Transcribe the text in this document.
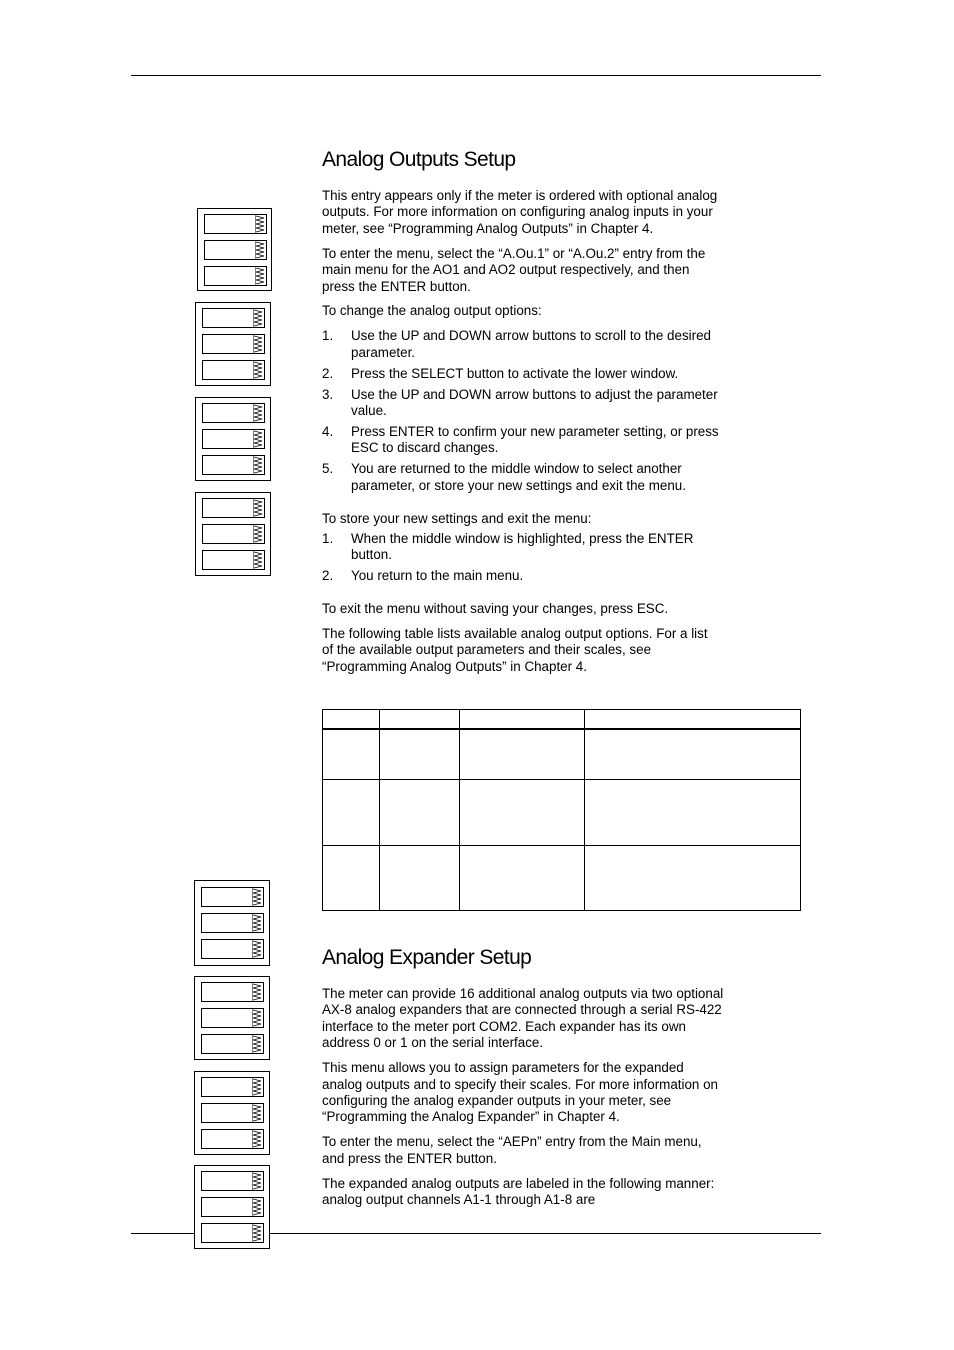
Analog Outputs Setup

This entry appears only if the meter is ordered with optional analog outputs. For more information on configuring analog inputs in your meter, see “Programming Analog Outputs” in Chapter 4.

To enter the menu, select the “A.Ou.1” or “A.Ou.2” entry from the main menu for the AO1 and AO2 output respectively, and then press the ENTER button.

To change the analog output options:

1. Use the UP and DOWN arrow buttons to scroll to the desired parameter.
2. Press the SELECT button to activate the lower window.
3. Use the UP and DOWN arrow buttons to adjust the parameter value.
4. Press ENTER to confirm your new parameter setting, or press ESC to discard changes.
5. You are returned to the middle window to select another parameter, or store your new settings and exit the menu.

To store your new settings and exit the menu:

1. When the middle window is highlighted, press the ENTER button.
2. You return to the main menu.

To exit the menu without saving your changes, press ESC.

The following table lists available analog output options. For a list of the available output parameters and their scales, see “Programming Analog Outputs” in Chapter 4.

Analog Expander Setup

The meter can provide 16 additional analog outputs via two optional AX-8 analog expanders that are connected through a serial RS-422 interface to the meter port COM2. Each expander has its own address 0 or 1 on the serial interface.

This menu allows you to assign parameters for the expanded analog outputs and to specify their scales. For more information on configuring the analog expander outputs in your meter, see “Programming the Analog Expander” in Chapter 4.

To enter the menu, select the “AEPn” entry from the Main menu, and press the ENTER button.

The expanded analog outputs are labeled in the following manner: analog output channels A1-1 through A1-8 are
